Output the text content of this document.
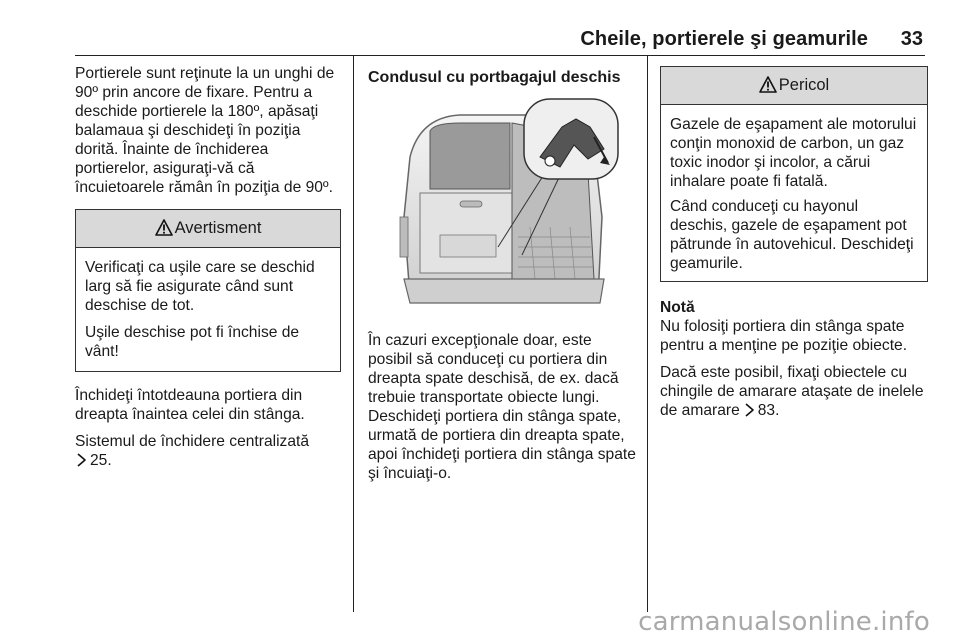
Cheile, portierele şi geamurile 33

Portierele sunt reţinute la un unghi de 90º prin ancore de fixare. Pentru a deschide portierele la 180º, apăsaţi balamaua şi deschideţi în poziţia dorită. Înainte de închiderea portierelor, asiguraţi-vă că încuietoarele rămân în poziţia de 90º.

Avertisment

Verificaţi ca uşile care se deschid larg să fie asigurate când sunt deschise de tot.

Uşile deschise pot fi închise de vânt!

Închideţi întotdeauna portiera din dreapta înaintea celei din stânga.

Sistemul de închidere centralizată
25.

Condusul cu portbagajul deschis

În cazuri excepţionale doar, este posibil să conduceţi cu portiera din dreapta spate deschisă, de ex. dacă trebuie transportate obiecte lungi. Deschideţi portiera din stânga spate, urmată de portiera din dreapta spate, apoi închideţi portiera din stânga spate şi încuiaţi-o.

Pericol

Gazele de eşapament ale motorului conţin monoxid de carbon, un gaz toxic inodor şi incolor, a cărui inhalare poate fi fatală.

Când conduceţi cu hayonul deschis, gazele de eşapament pot pătrunde în autovehicul. Deschideţi geamurile.

Notă

Nu folosiţi portiera din stânga spate pentru a menţine pe poziţie obiecte.

Dacă este posibil, fixaţi obiectele cu chingile de amarare ataşate de inelele de amarare 83.

carmanualsonline.info
